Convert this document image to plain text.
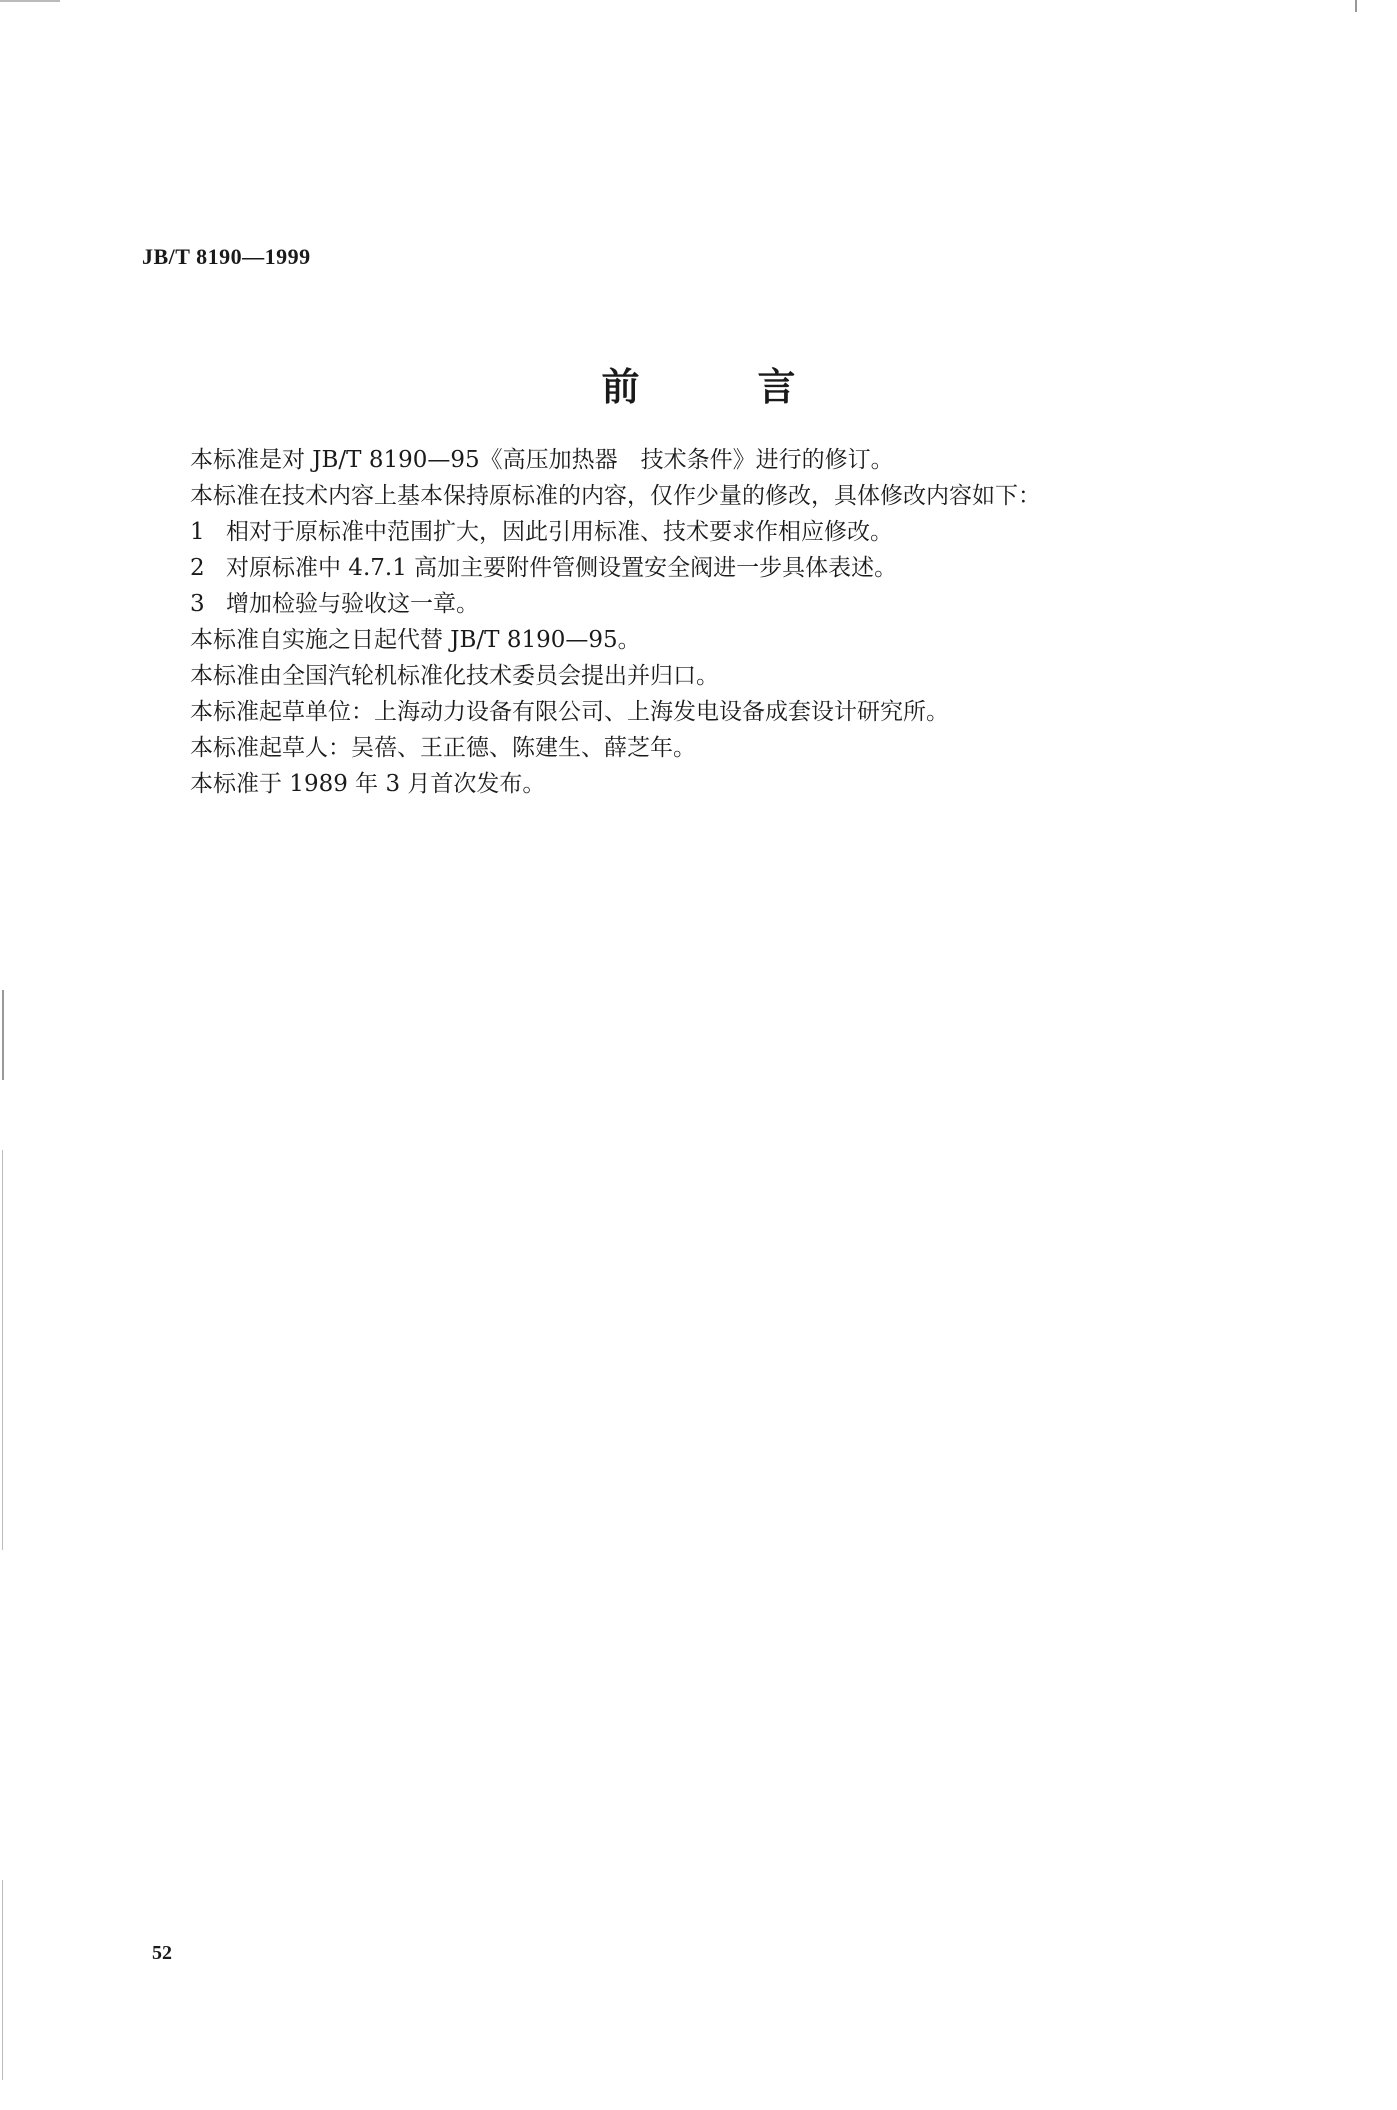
JB/T 8190—1999
前言
本标准是对 JB/T 8190—95《高压加热器　技术条件》进行的修订。
本标准在技术内容上基本保持原标准的内容，仅作少量的修改，具体修改内容如下：
1 相对于原标准中范围扩大，因此引用标准、技术要求作相应修改。
2 对原标准中 4.7.1 高加主要附件管侧设置安全阀进一步具体表述。
3 增加检验与验收这一章。
本标准自实施之日起代替 JB/T 8190—95。
本标准由全国汽轮机标准化技术委员会提出并归口。
本标准起草单位：上海动力设备有限公司、上海发电设备成套设计研究所。
本标准起草人：吴蓓、王正德、陈建生、薛芝年。
本标准于 1989 年 3 月首次发布。
52
